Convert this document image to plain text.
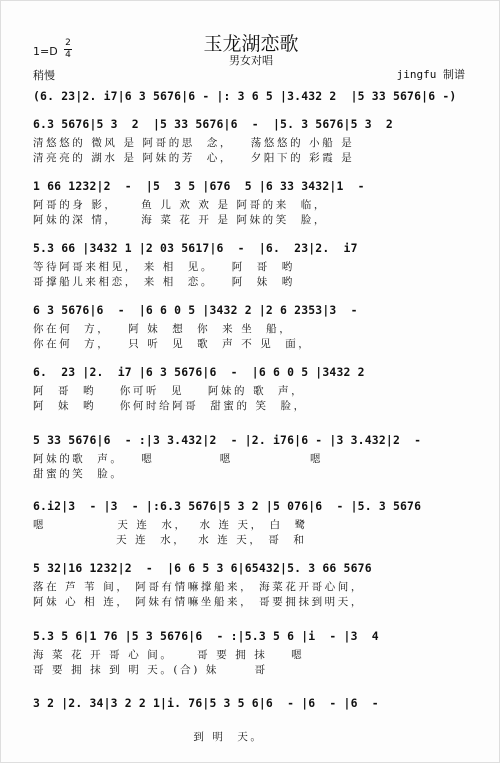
玉龙湖恋歌
男女对唱
1=D
2
4
稍慢	jingfu 制谱
(6. 23|2. i7|6 3 5676|6 - |: 3 6 5 |3.432 2  |5 33 5676|6 -)
6.3 5676|5 3  2  |5 33 5676|6  -  |5. 3 5676|5 3  2
清悠悠的 微风 是 阿哥的思  念，   荡悠悠的 小船 是
清亮亮的 湖水 是 阿妹的芳  心，   夕阳下的 彩霞 是
1 66 1232|2  -  |5  3 5 |676  5 |6 33 3432|1  -
阿哥的身 影，    鱼 儿 欢 欢 是 阿哥的来  临，
阿妹的深 情，    海 菜 花 开 是 阿妹的笑  脸，
5.3 66 |3432 1 |2 03 5617|6  -  |6.  23|2.  i7
等待阿哥来相见， 来 相  见。   阿  哥  哟
哥撑船儿来相恋， 来 相  恋。   阿  妹  哟
6 3 5676|6  -  |6 6 0 5 |3432 2 |2 6 2353|3  -
你在何  方，   阿 妹  想  你  来 坐  船，
你在何  方，   只 听  见  歌  声 不 见  面，
6.  23 |2.  i7 |6 3 5676|6  -  |6 6 0 5 |3432 2
阿  哥  哟    你可听  见    阿妹的 歌  声，
阿  妹  哟    你何时给阿哥  甜蜜的 笑  脸，
5 33 5676|6  - :|3 3.432|2  - |2. i76|6 - |3 3.432|2  -
阿妹的歌  声。   嗯           嗯             嗯
甜蜜的笑  脸。
6.i2|3  - |3  - |:6.3 5676|5 3 2 |5 076|6  - |5. 3 5676
嗯            天 连  水，  水 连 天， 白  鹭
天 连  水，  水 连 天， 哥  和
5 32|16 1232|2  -  |6 6 5 3 6|65432|5. 3 66 5676
落在 芦 苇 间， 阿哥有情嘛撑船来， 海菜花开哥心间，
阿妹 心 相 连， 阿妹有情嘛坐船来， 哥要拥抹到明天，
5.3 5 6|1 76 |5 3 5676|6  - :|5.3 5 6 |i  - |3  4
海 菜 花 开 哥 心 间。    哥 要 拥 抹    嗯
哥 要 拥 抹 到 明 天。(合) 妹      哥
3 2 |2. 34|3 2 2 1|i. 76|5 3 5 6|6  - |6  - |6  -
到 明  天。
